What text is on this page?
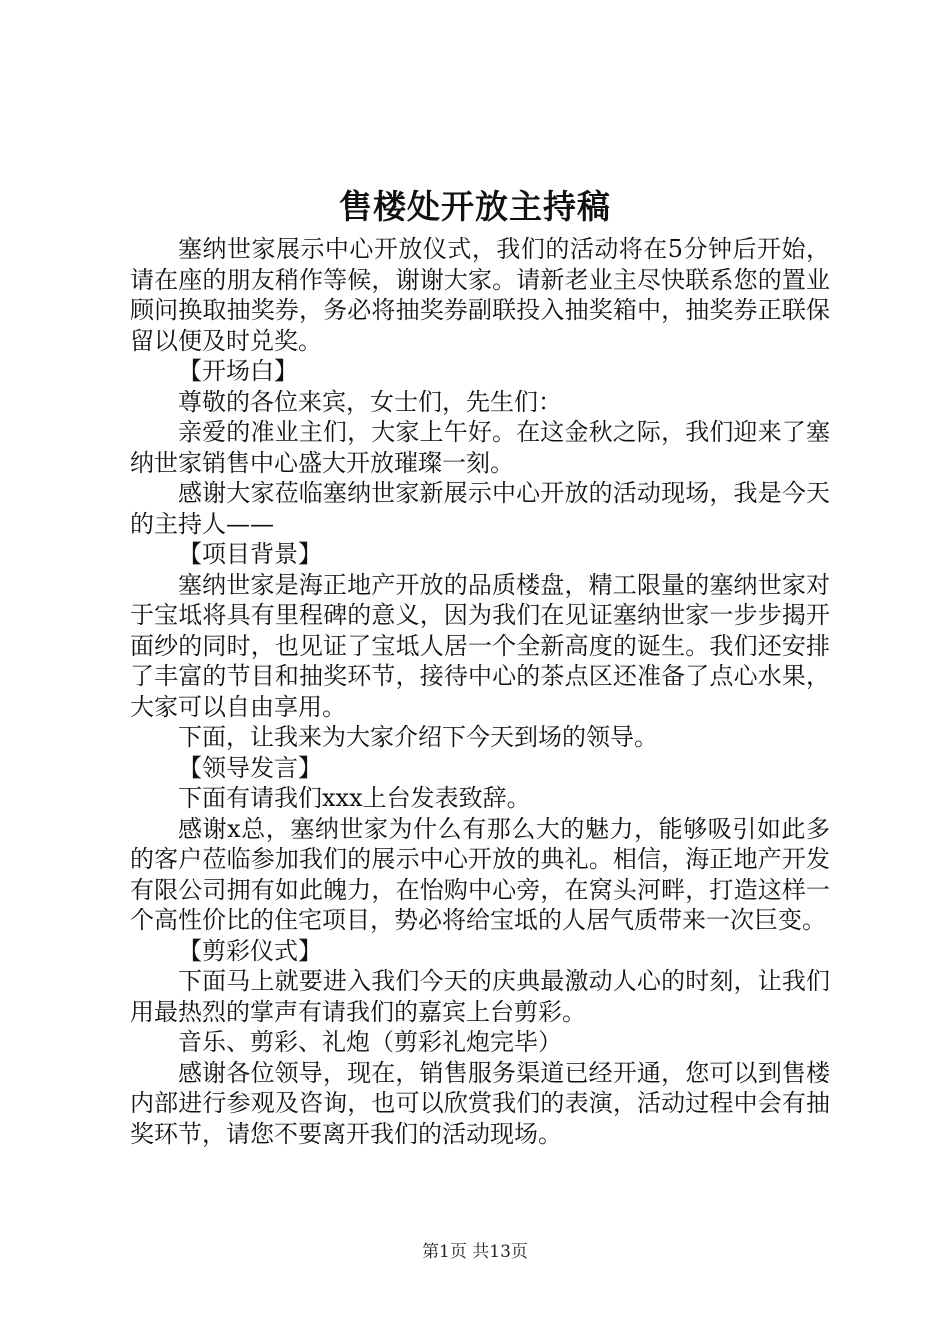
售楼处开放主持稿

塞纳世家展示中心开放仪式，我们的活动将在5分钟后开始，请在座的朋友稍作等候，谢谢大家。请新老业主尽快联系您的置业顾问换取抽奖券，务必将抽奖券副联投入抽奖箱中，抽奖券正联保留以便及时兑奖。

【开场白】

尊敬的各位来宾，女士们，先生们：

亲爱的准业主们，大家上午好。在这金秋之际，我们迎来了塞纳世家销售中心盛大开放璀璨一刻。

感谢大家莅临塞纳世家新展示中心开放的活动现场，我是今天的主持人——

【项目背景】

塞纳世家是海正地产开放的品质楼盘，精工限量的塞纳世家对于宝坻将具有里程碑的意义，因为我们在见证塞纳世家一步步揭开面纱的同时，也见证了宝坻人居一个全新高度的诞生。我们还安排了丰富的节目和抽奖环节，接待中心的茶点区还准备了点心水果，大家可以自由享用。

下面，让我来为大家介绍下今天到场的领导。

【领导发言】

下面有请我们xxx上台发表致辞。

感谢x总，塞纳世家为什么有那么大的魅力，能够吸引如此多的客户莅临参加我们的展示中心开放的典礼。相信，海正地产开发有限公司拥有如此魄力，在怡购中心旁，在窝头河畔，打造这样一个高性价比的住宅项目，势必将给宝坻的人居气质带来一次巨变。

【剪彩仪式】

下面马上就要进入我们今天的庆典最激动人心的时刻，让我们用最热烈的掌声有请我们的嘉宾上台剪彩。

音乐、剪彩、礼炮（剪彩礼炮完毕）

感谢各位领导，现在，销售服务渠道已经开通，您可以到售楼内部进行参观及咨询，也可以欣赏我们的表演，活动过程中会有抽奖环节，请您不要离开我们的活动现场。

第1页 共13页
